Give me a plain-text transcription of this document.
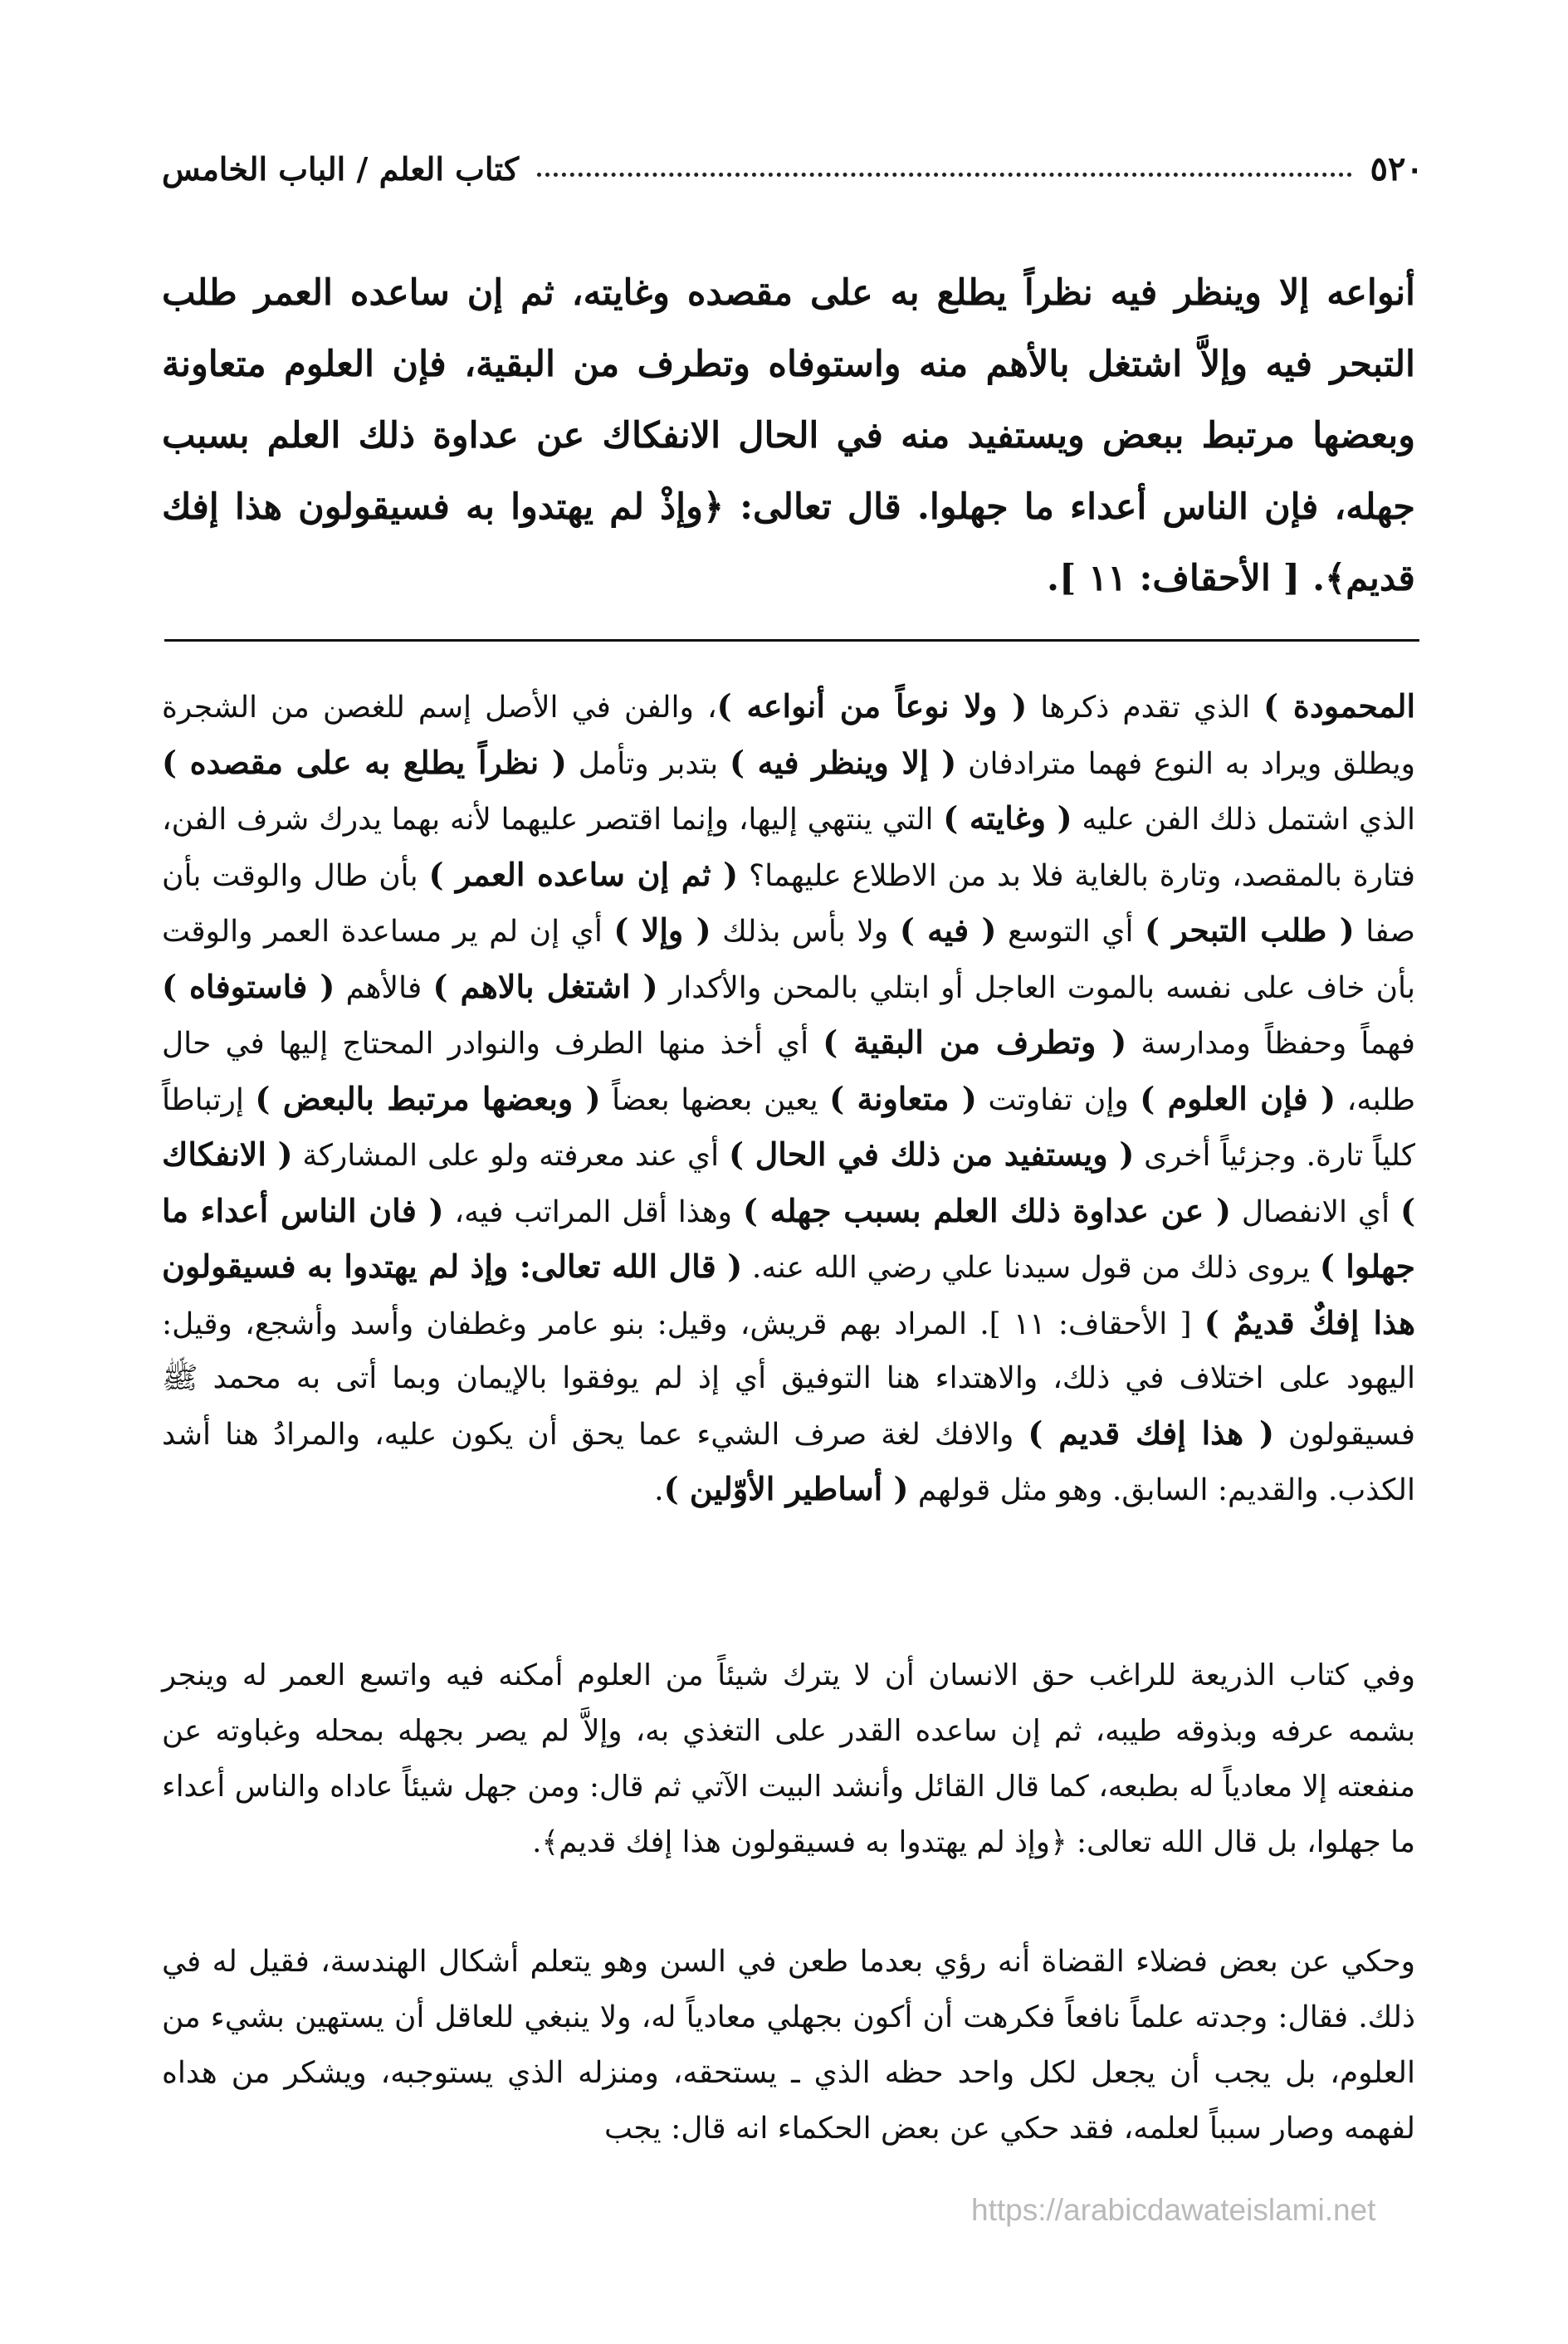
٥٢٠
كتاب العلم / الباب الخامس

أنواعه إلا وينظر فيه نظراً يطلع به على مقصده وغايته، ثم إن ساعده العمر طلب التبحر فيه وإلاَّ اشتغل بالأهم منه واستوفاه وتطرف من البقية، فإن العلوم متعاونة وبعضها مرتبط ببعض ويستفيد منه في الحال الانفكاك عن عداوة ذلك العلم بسبب جهله، فإن الناس أعداء ما جهلوا. قال تعالى: ﴿وإذْ لم يهتدوا به فسيقولون هذا إفك قديم﴾. [ الأحقاف: ١١ ].

المحمودة ) الذي تقدم ذكرها ( ولا نوعاً من أنواعه )، والفن في الأصل إسم للغصن من الشجرة ويطلق ويراد به النوع فهما مترادفان ( إلا وينظر فيه ) بتدبر وتأمل ( نظراً يطلع به على مقصده ) الذي اشتمل ذلك الفن عليه ( وغايته ) التي ينتهي إليها، وإنما اقتصر عليهما لأنه بهما يدرك شرف الفن، فتارة بالمقصد، وتارة بالغاية فلا بد من الاطلاع عليهما؟ ( ثم إن ساعده العمر ) بأن طال والوقت بأن صفا ( طلب التبحر ) أي التوسع ( فيه ) ولا بأس بذلك ( وإلا ) أي إن لم ير مساعدة العمر والوقت بأن خاف على نفسه بالموت العاجل أو ابتلي بالمحن والأكدار ( اشتغل بالاهم ) فالأهم ( فاستوفاه ) فهماً وحفظاً ومدارسة ( وتطرف من البقية ) أي أخذ منها الطرف والنوادر المحتاج إليها في حال طلبه، ( فإن العلوم ) وإن تفاوتت ( متعاونة ) يعين بعضها بعضاً ( وبعضها مرتبط بالبعض ) إرتباطاً كلياً تارة. وجزئياً أخرى ( ويستفيد من ذلك في الحال ) أي عند معرفته ولو على المشاركة ( الانفكاك ) أي الانفصال ( عن عداوة ذلك العلم بسبب جهله ) وهذا أقل المراتب فيه، ( فان الناس أعداء ما جهلوا ) يروى ذلك من قول سيدنا علي رضي الله عنه. ( قال الله تعالى: وإذ لم يهتدوا به فسيقولون هذا إفكٌ قديمٌ ) [ الأحقاف: ١١ ]. المراد بهم قريش، وقيل: بنو عامر وغطفان وأسد وأشجع، وقيل: اليهود على اختلاف في ذلك، والاهتداء هنا التوفيق أي إذ لم يوفقوا بالإيمان وبما أتى به محمد ﷺ فسيقولون ( هذا إفك قديم ) والافك لغة صرف الشيء عما يحق أن يكون عليه، والمرادُ هنا أشد الكذب. والقديم: السابق. وهو مثل قولهم ( أساطير الأوّلين ).

وفي كتاب الذريعة للراغب حق الانسان أن لا يترك شيئاً من العلوم أمكنه فيه واتسع العمر له وينجر بشمه عرفه وبذوقه طيبه، ثم إن ساعده القدر على التغذي به، وإلاَّ لم يصر بجهله بمحله وغباوته عن منفعته إلا معادياً له بطبعه، كما قال القائل وأنشد البيت الآتي ثم قال: ومن جهل شيئاً عاداه والناس أعداء ما جهلوا، بل قال الله تعالى: ﴿وإذ لم يهتدوا به فسيقولون هذا إفك قديم﴾.

وحكي عن بعض فضلاء القضاة أنه رؤي بعدما طعن في السن وهو يتعلم أشكال الهندسة، فقيل له في ذلك. فقال: وجدته علماً نافعاً فكرهت أن أكون بجهلي معادياً له، ولا ينبغي للعاقل أن يستهين بشيء من العلوم، بل يجب أن يجعل لكل واحد حظه الذي ـ يستحقه، ومنزله الذي يستوجبه، ويشكر من هداه لفهمه وصار سبباً لعلمه، فقد حكي عن بعض الحكماء انه قال: يجب

https://arabicdawateislami.net
